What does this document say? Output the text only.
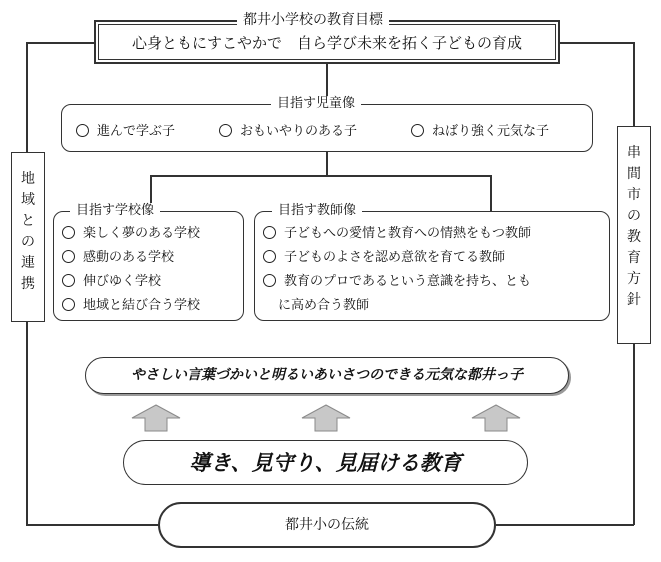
都井小学校の教育目標
心身ともにすこやかで　自ら学び未来を拓く子どもの育成
目指す児童像
進んで学ぶ子	おもいやりのある子	ねばり強く元気な子
地
域
と
の
連
携
串
間
市
の
教
育
方
針
目指す学校像
楽しく夢のある学校
感動のある学校
伸びゆく学校
地域と結び合う学校
目指す教師像
子どもへの愛情と教育への情熱をもつ教師
子どものよさを認め意欲を育てる教師
教育のプロであるという意識を持ち、とも
に高め合う教師
やさしい言葉づかいと明るいあいさつのできる元気な都井っ子
導き、見守り、見届ける教育
都井小の伝統
